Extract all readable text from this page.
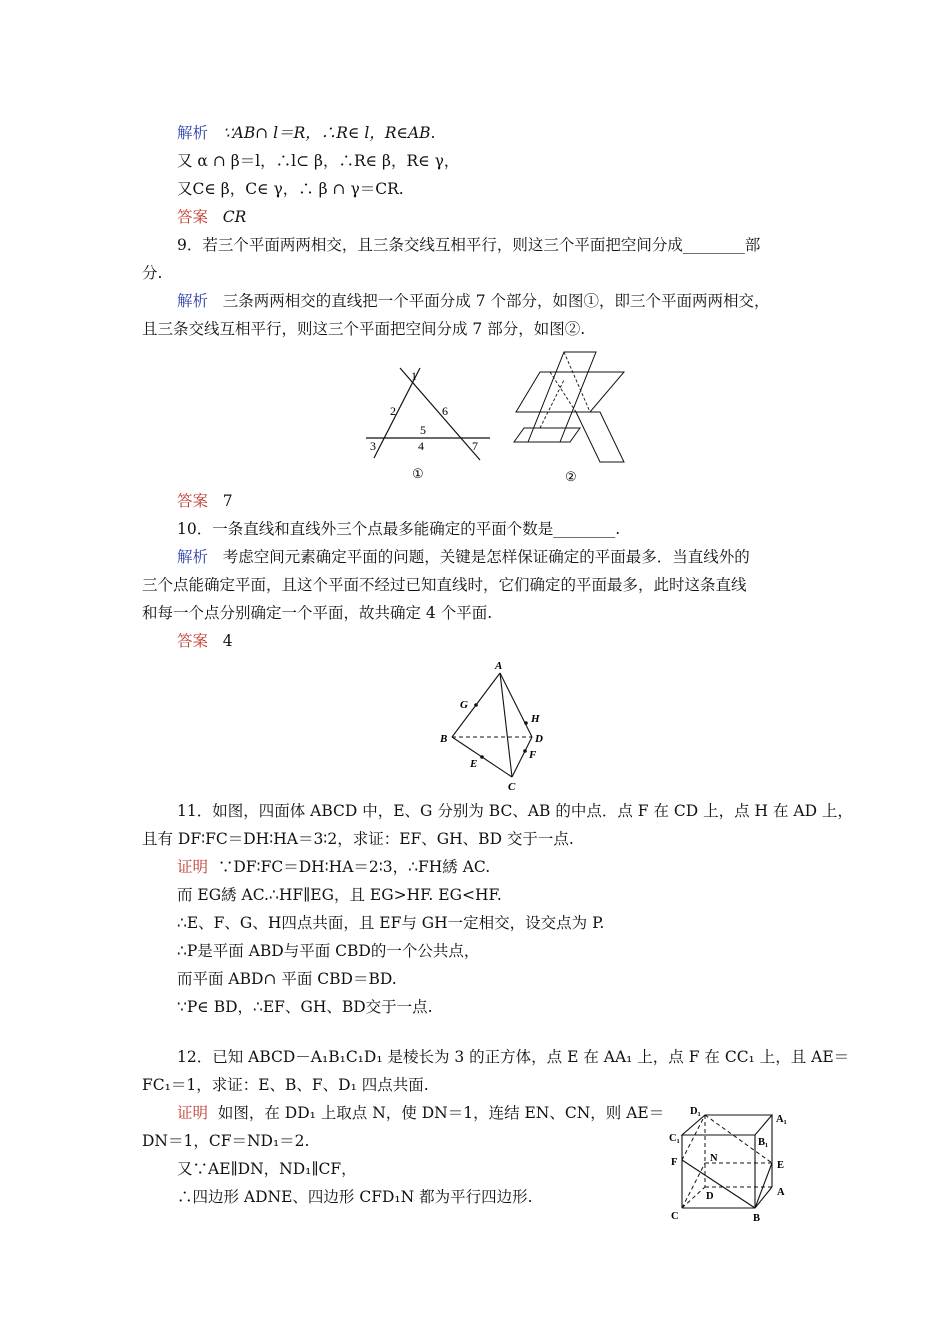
解析 ∵AB∩ l＝R，∴R∈ l，R∈AB.
又 α ∩ β＝l，∴l⊂ β，∴R∈ β，R∈ γ，
又C∈ β，C∈ γ，∴ β ∩ γ＝CR.
答案 CR
9．若三个平面两两相交，且三条交线互相平行，则这三个平面把空间分成________部
分.
解析 三条两两相交的直线把一个平面分成 7 个部分，如图①，即三个平面两两相交，
且三条交线互相平行，则这三个平面把空间分成 7 部分，如图②.
1
2
3	4
5
6
7
①	②
答案 7
10．一条直线和直线外三个点最多能确定的平面个数是________.
解析 考虑空间元素确定平面的问题，关键是怎样保证确定的平面最多．当直线外的
三个点能确定平面，且这个平面不经过已知直线时，它们确定的平面最多，此时这条直线
和每一个点分别确定一个平面，故共确定 4 个平面.
答案 4
A
B
C
D
E
F
G
H
11．如图，四面体 ABCD 中，E、G 分别为 BC、AB 的中点．点 F 在 CD 上，点 H 在 AD 上，
且有 DF∶FC＝DH∶HA＝3∶2，求证：EF、GH、BD 交于一点.
证明 ∵DF∶FC＝DH∶HA＝2∶3，∴FH綉 AC.
而 EG綉 AC.∴HF∥EG，且 EG>HF. EG<HF.
∴E、F、G、H四点共面，且 EF与 GH一定相交，设交点为 P.
∴P是平面 ABD与平面 CBD的一个公共点，
而平面 ABD∩ 平面 CBD＝BD.
∵P∈ BD，∴EF、GH、BD交于一点.
12．已知 ABCD－A₁B₁C₁D₁ 是棱长为 3 的正方体，点 E 在 AA₁ 上，点 F 在 CC₁ 上，且 AE＝
FC₁＝1，求证：E、B、F、D₁ 四点共面.
证明 如图，在 DD₁ 上取点 N，使 DN＝1，连结 EN、CN，则 AE＝
DN＝1，CF＝ND₁＝2.
又∵AE∥DN，ND₁∥CF，
∴四边形 ADNE、四边形 CFD₁N 都为平行四边形.
D₁
A₁
C₁	B₁
F	N
E
D	A
C	B
